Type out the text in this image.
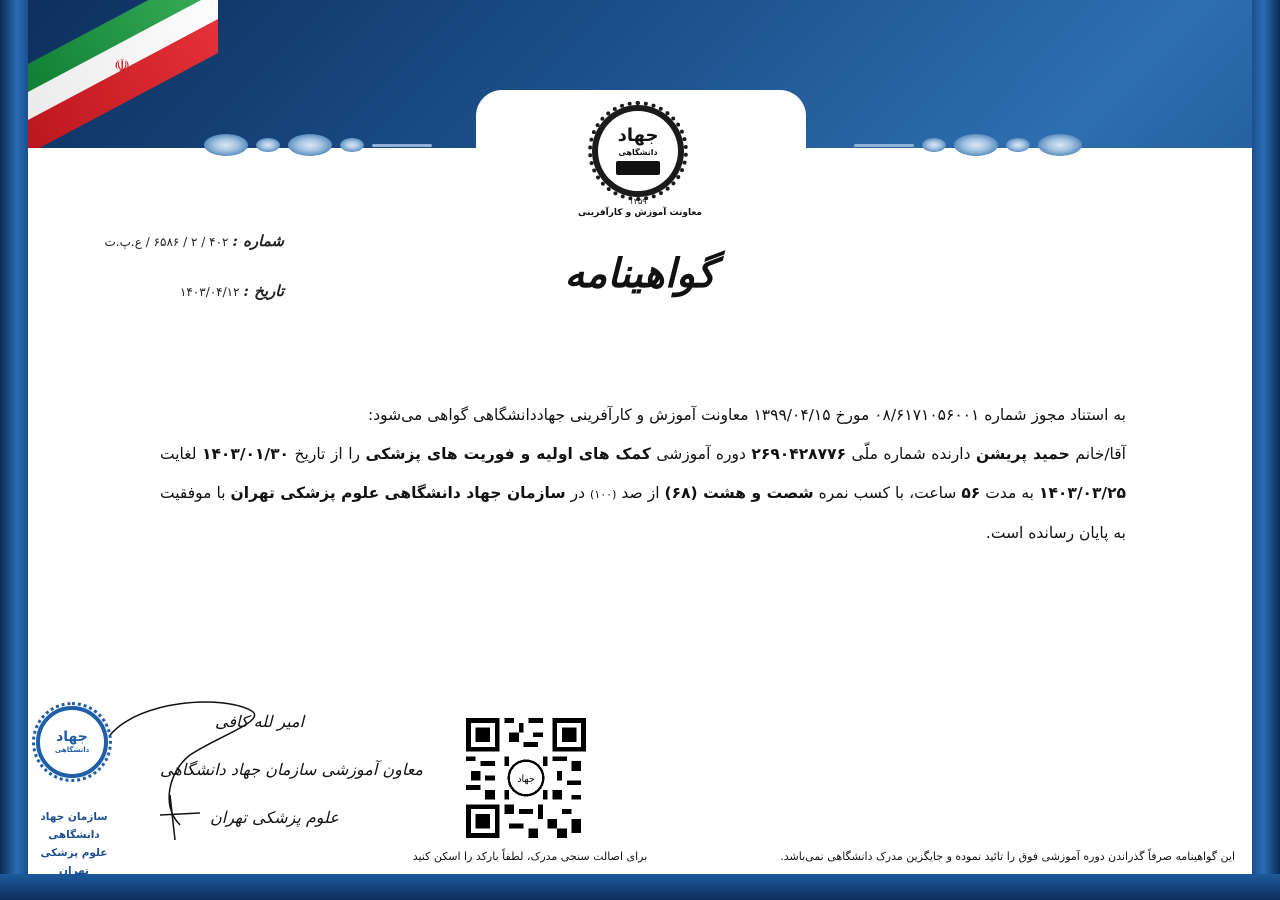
☫
جهاد
دانشگاهی
۱۳۵۹
معاونت آموزش و کارآفرینی
شماره : ۴۰۲ / ۲ / ۶۵۸۶ / ع.پ.ت
تاریخ : ۱۴۰۳/۰۴/۱۲	گواهینامه
به استناد مجوز شماره ۰۸/۶۱۷۱۰۵۶۰۰۱ مورخ ۱۳۹۹/۰۴/۱۵ معاونت آموزش و کارآفرینی جهاددانشگاهی گواهی می‌شود:
آقا/خانم حمید پریشن دارنده شماره ملّی ۲۶۹۰۴۲۸۷۷۶ دوره آموزشی کمک های اولیه و فوریت های پزشکی را از تاریخ ۱۴۰۳/۰۱/۳۰ لغایت ۱۴۰۳/۰۳/۲۵ به مدت ۵۶ ساعت، با کسب نمره شصت و هشت (۶۸) از صد (۱۰۰) در سازمان جهاد دانشگاهی علوم پزشکی تهران با موفقیت به پایان رسانده است.
جهاد
دانشگاهی
سازمان جهاد دانشگاهی
علوم پزشکی تهران
امیر لله کافی
معاون آموزشی سازمان جهاد دانشگاهی
علوم پزشکی تهران
جهاد
برای اصالت سنجی مدرک، لطفاً بارکد را اسکن کنید	این گواهینامه صرفاً گذراندن دوره آموزشی فوق را تائید نموده و جایگزین مدرک دانشگاهی نمی‌باشد.
